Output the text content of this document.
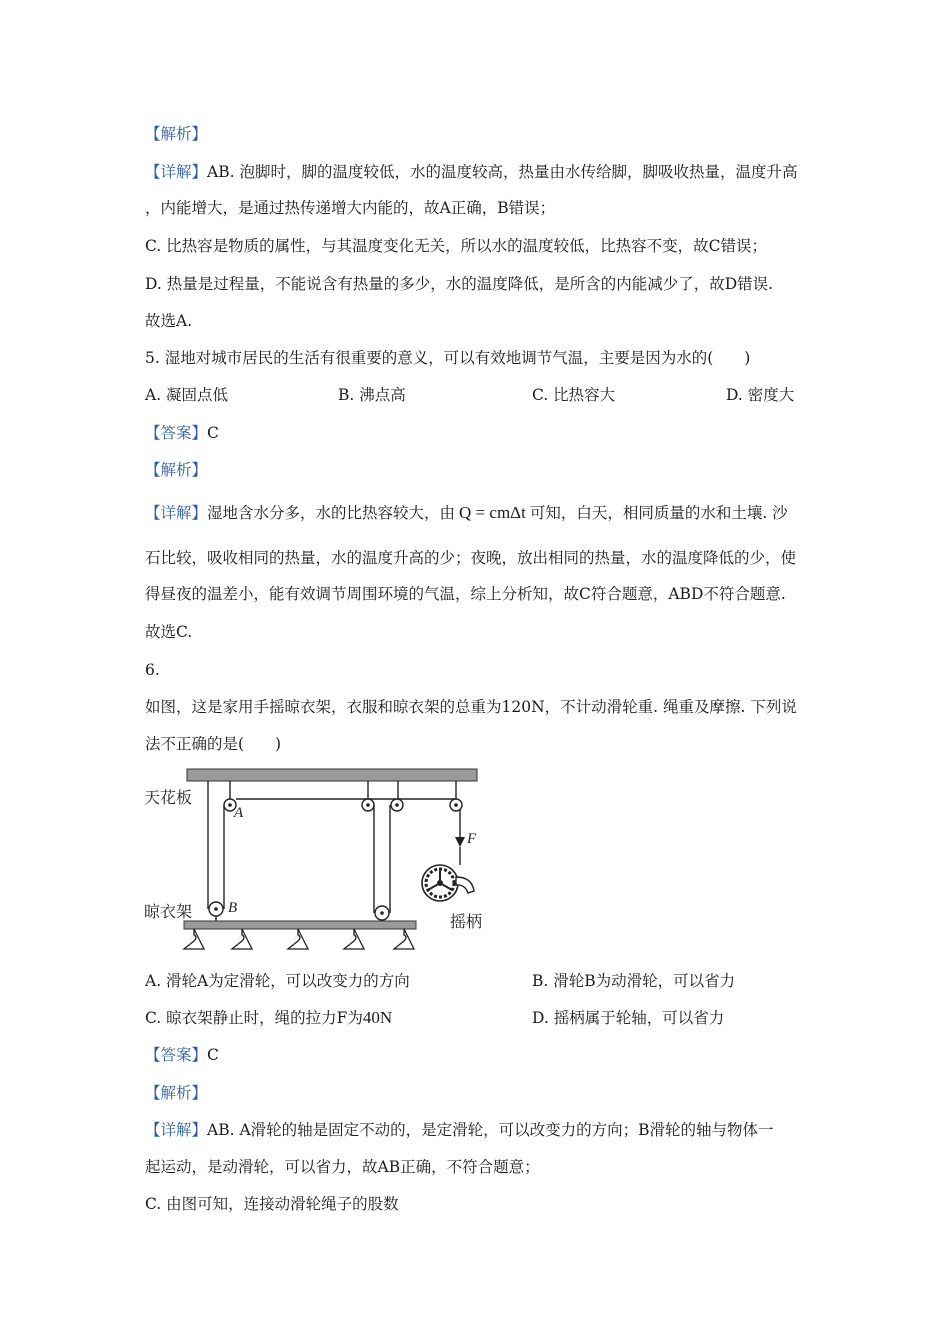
【解析】
【详解】AB. 泡脚时，脚的温度较低，水的温度较高，热量由水传给脚，脚吸收热量，温度升高
，内能增大，是通过热传递增大内能的，故A正确，B错误；
C. 比热容是物质的属性，与其温度变化无关，所以水的温度较低，比热容不变，故C错误；
D. 热量是过程量，不能说含有热量的多少，水的温度降低，是所含的内能减少了，故D错误.
故选A.
5. 湿地对城市居民的生活有很重要的意义，可以有效地调节气温，主要是因为水的(　　)
A. 凝固点低	B. 沸点高	C. 比热容大	D. 密度大
【答案】C
【解析】
【详解】湿地含水分多，水的比热容较大，由 Q = cmΔt 可知，白天，相同质量的水和土壤. 沙
石比较，吸收相同的热量，水的温度升高的少；夜晚，放出相同的热量，水的温度降低的少，使
得昼夜的温差小，能有效调节周围环境的气温，综上分析知，故C符合题意，ABD不符合题意.
故选C.
6.
如图，这是家用手摇晾衣架，衣服和晾衣架的总重为120N，不计动滑轮重. 绳重及摩擦. 下列说
法不正确的是(　　)
天花板
A
B
F
摇柄
晾衣架
A. 滑轮A为定滑轮，可以改变力的方向	B. 滑轮B为动滑轮，可以省力
C. 晾衣架静止时，绳的拉力F为40N	D. 摇柄属于轮轴，可以省力
【答案】C
【解析】
【详解】AB. A滑轮的轴是固定不动的，是定滑轮，可以改变力的方向；B滑轮的轴与物体一
起运动，是动滑轮，可以省力，故AB正确，不符合题意；
C. 由图可知，连接动滑轮绳子的股数
